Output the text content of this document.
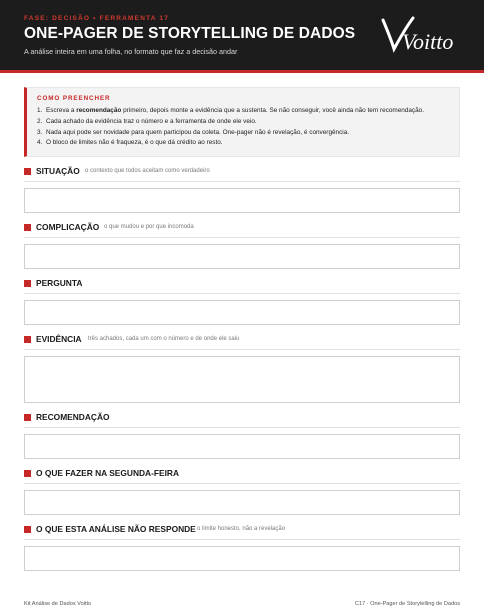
FASE: DECISÃO • FERRAMENTA 17
ONE-PAGER DE STORYTELLING DE DADOS
A análise inteira em uma folha, no formato que faz a decisão andar	Voitto
COMO PREENCHER
1. Escreva a recomendação primeiro, depois monte a evidência que a sustenta. Se não conseguir, você ainda não tem recomendação.
2. Cada achado da evidência traz o número e a ferramenta de onde ele veio.
3. Nada aqui pode ser novidade para quem participou da coleta. One-pager não é revelação, é convergência.
4. O bloco de limites não é fraqueza, é o que dá crédito ao resto.
SITUAÇÃO o contexto que todos aceitam como verdadeiro
COMPLICAÇÃO o que mudou e por que incomoda
PERGUNTA
EVIDÊNCIA três achados, cada um com o número e de onde ele saiu
RECOMENDAÇÃO
O QUE FAZER NA SEGUNDA-FEIRA
O QUE ESTA ANÁLISE NÃO RESPONDE o limite honesto, não a revelação
Kit Análise de Dados Voitto	C17 · One-Pager de Storytelling de Dados
